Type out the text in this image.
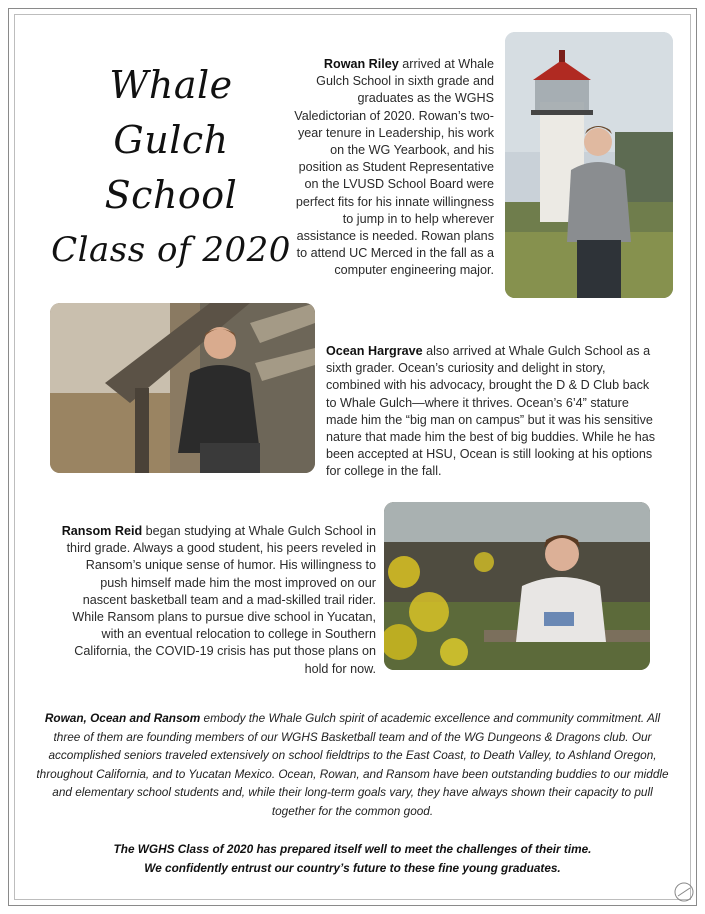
Whale
Gulch
School
Class of 2020
Rowan Riley arrived at Whale Gulch School in sixth grade and graduates as the WGHS Valedictorian of 2020. Rowan’s two-year tenure in Leadership, his work on the WG Yearbook, and his position as Student Representative on the LVUSD School Board were perfect fits for his innate willingness to jump in to help wherever assistance is needed. Rowan plans to attend UC Merced in the fall as a computer engineering major.
Ocean Hargrave also arrived at Whale Gulch School as a sixth grader. Ocean’s curiosity and delight in story, combined with his advocacy, brought the D & D Club back to Whale Gulch—where it thrives. Ocean’s 6’4” stature made him the “big man on campus” but it was his sensitive nature that made him the best of big buddies. While he has been accepted at HSU, Ocean is still looking at his options for college in the fall.
Ransom Reid began studying at Whale Gulch School in third grade. Always a good student, his peers reveled in Ransom’s unique sense of humor. His willingness to push himself made him the most improved on our nascent basketball team and a mad-skilled trail rider. While Ransom plans to pursue dive school in Yucatan, with an eventual relocation to college in Southern California, the COVID-19 crisis has put those plans on hold for now.
Rowan, Ocean and Ransom embody the Whale Gulch spirit of academic excellence and community commitment. All three of them are founding members of our WGHS Basketball team and of the WG Dungeons & Dragons club. Our accomplished seniors traveled extensively on school fieldtrips to the East Coast, to Death Valley, to Ashland Oregon, throughout California, and to Yucatan Mexico. Ocean, Rowan, and Ransom have been outstanding buddies to our middle and elementary school students and, while their long-term goals vary, they have always shown their capacity to pull together for the common good.
The WGHS Class of 2020 has prepared itself well to meet the challenges of their time.
We confidently entrust our country’s future to these fine young graduates.
